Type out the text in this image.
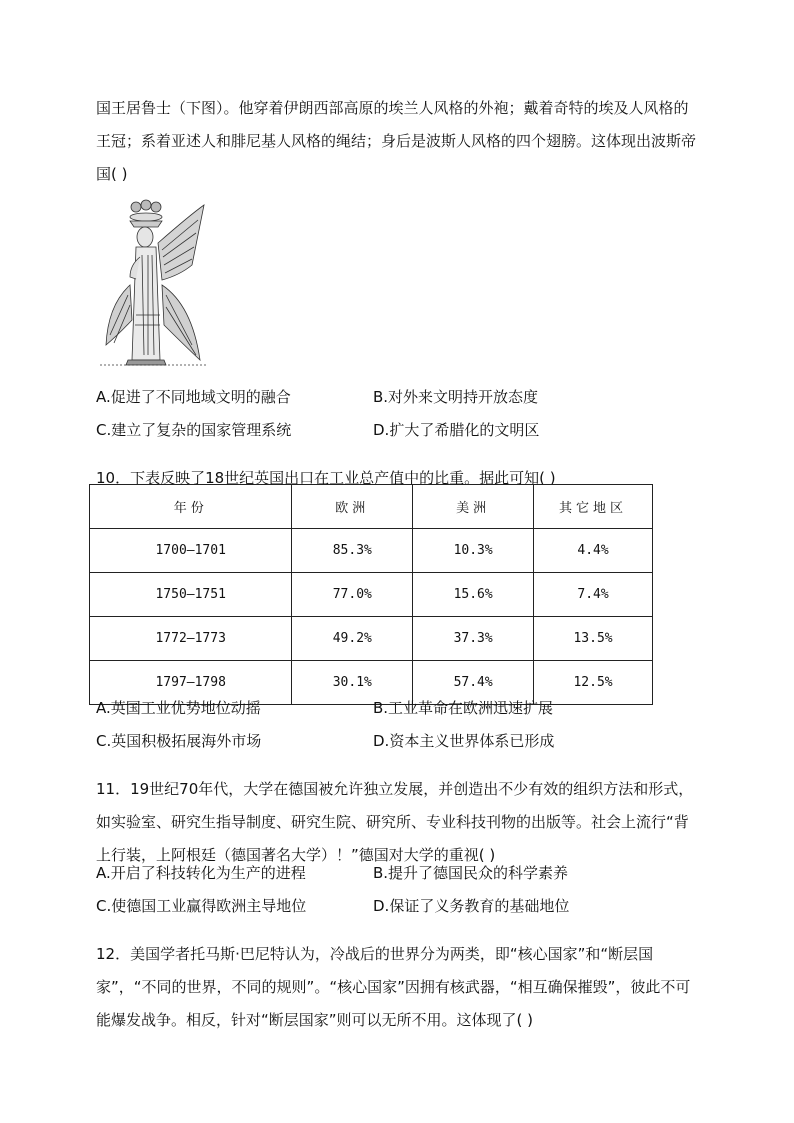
国王居鲁士（下图）。他穿着伊朗西部高原的埃兰人风格的外袍；戴着奇特的埃及人风格的王冠；系着亚述人和腓尼基人风格的绳结；身后是波斯人风格的四个翅膀。这体现出波斯帝国( )

A.促进了不同地域文明的融合	B.对外来文明持开放态度
C.建立了复杂的国家管理系统	D.扩大了希腊化的文明区

10．下表反映了18世纪英国出口在工业总产值中的比重。据此可知( )

年份	欧洲	美洲	其它地区
1700—1701	85.3%	10.3%	4.4%
1750—1751	77.0%	15.6%	7.4%
1772—1773	49.2%	37.3%	13.5%
1797—1798	30.1%	57.4%	12.5%
A.英国工业优势地位动摇	B.工业革命在欧洲迅速扩展
C.英国积极拓展海外市场	D.资本主义世界体系已形成

11．19世纪70年代，大学在德国被允许独立发展，并创造出不少有效的组织方法和形式，如实验室、研究生指导制度、研究生院、研究所、专业科技刊物的出版等。社会上流行“背上行装，上阿根廷（德国著名大学）！”德国对大学的重视( )

A.开启了科技转化为生产的进程	B.提升了德国民众的科学素养
C.使德国工业赢得欧洲主导地位	D.保证了义务教育的基础地位

12．美国学者托马斯·巴尼特认为，冷战后的世界分为两类，即“核心国家”和“断层国家”，“不同的世界，不同的规则”。“核心国家”因拥有核武器，“相互确保摧毁”，彼此不可能爆发战争。相反，针对“断层国家”则可以无所不用。这体现了( )
